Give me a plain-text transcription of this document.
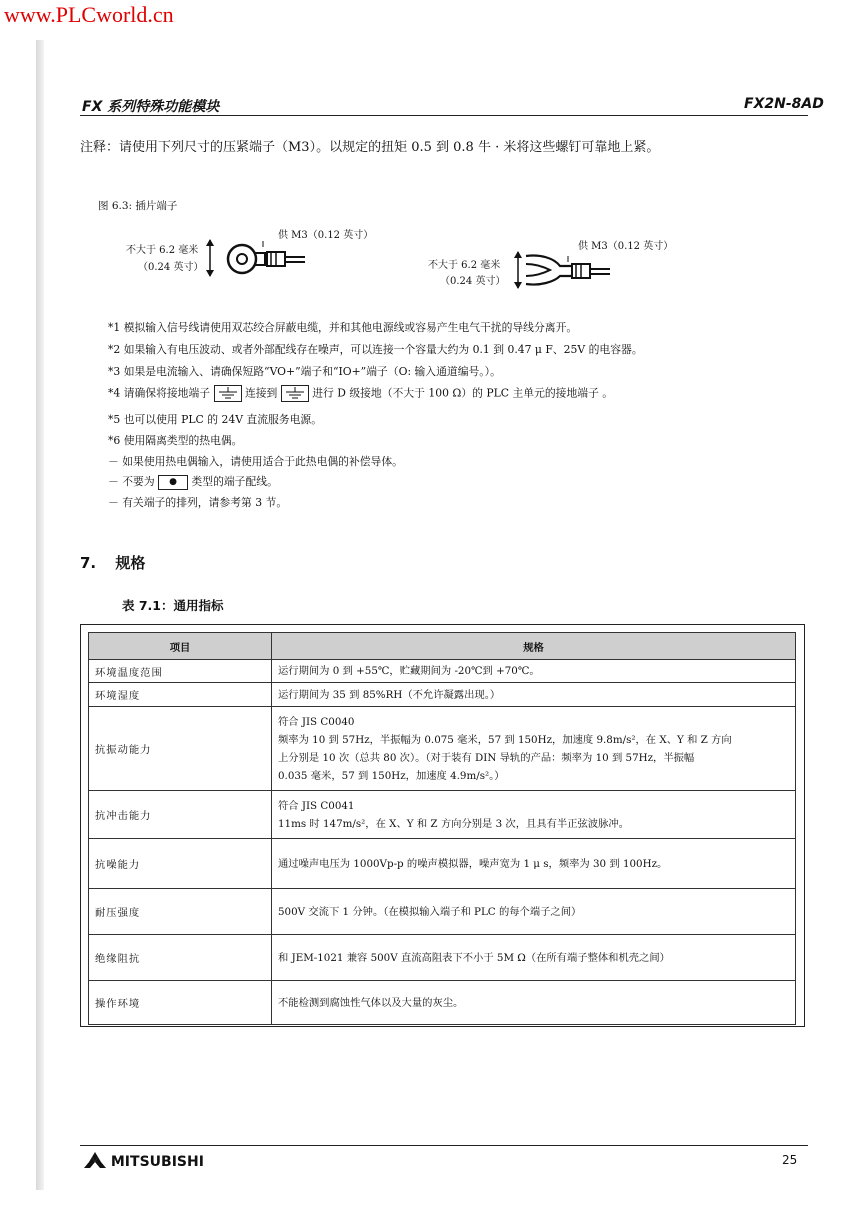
www.PLCworld.cn
FX 系列特殊功能模块	FX2N-8AD
注释：请使用下列尺寸的压紧端子（M3）。以规定的扭矩 0.5 到 0.8 牛 · 米将这些螺钉可靠地上紧。
图 6.3: 插片端子
供 M3（0.12 英寸）
不大于 6.2 毫米
（0.24 英寸）
供 M3（0.12 英寸）
不大于 6.2 毫米
（0.24 英寸）
*1 模拟输入信号线请使用双芯绞合屏蔽电缆，并和其他电源线或容易产生电气干扰的导线分离开。
*2 如果输入有电压波动、或者外部配线存在噪声，可以连接一个容量大约为 0.1 到 0.47 μ F、25V 的电容器。
*3 如果是电流输入、请确保短路“VO+”端子和“IO+”端子（O: 输入通道编号。）。
*4 请确保将接地端子	连接到	进行 D 级接地（不大于 100 Ω）的 PLC 主单元的接地端子 。
*5 也可以使用 PLC 的 24V 直流服务电源。
*6 使用隔离类型的热电偶。
－ 如果使用热电偶输入，请使用适合于此热电偶的补偿导体。
－ 不要为 ● 类型的端子配线。
－ 有关端子的排列，请参考第 3 节。
7. 规格
表 7.1：通用指标
项目	规格
环境温度范围	运行期间为 0 到 +55℃，贮藏期间为 -20℃到 +70℃。

环境湿度	运行期间为 35 到 85%RH（不允许凝露出现。）

抗振动能力	符合 JIS C0040
频率为 10 到 57Hz，半振幅为 0.075 毫米，57 到 150Hz，加速度 9.8m/s²，在 X、Y 和 Z 方向
上分别是 10 次（总共 80 次）。（对于装有 DIN 导轨的产品：频率为 10 到 57Hz，半振幅
0.035 毫米，57 到 150Hz，加速度 4.9m/s²。）

抗冲击能力	符合 JIS C0041
11ms 时 147m/s²，在 X、Y 和 Z 方向分别是 3 次，且具有半正弦波脉冲。

抗噪能力	通过噪声电压为 1000Vp-p 的噪声模拟器，噪声宽为 1 μ s，频率为 30 到 100Hz。

耐压强度	500V 交流下 1 分钟。（在模拟输入端子和 PLC 的每个端子之间）

绝缘阻抗	和 JEM-1021 兼容 500V 直流高阻表下不小于 5M Ω（在所有端子整体和机壳之间）

操作环境	不能检测到腐蚀性气体以及大量的灰尘。
MITSUBISHI	25
